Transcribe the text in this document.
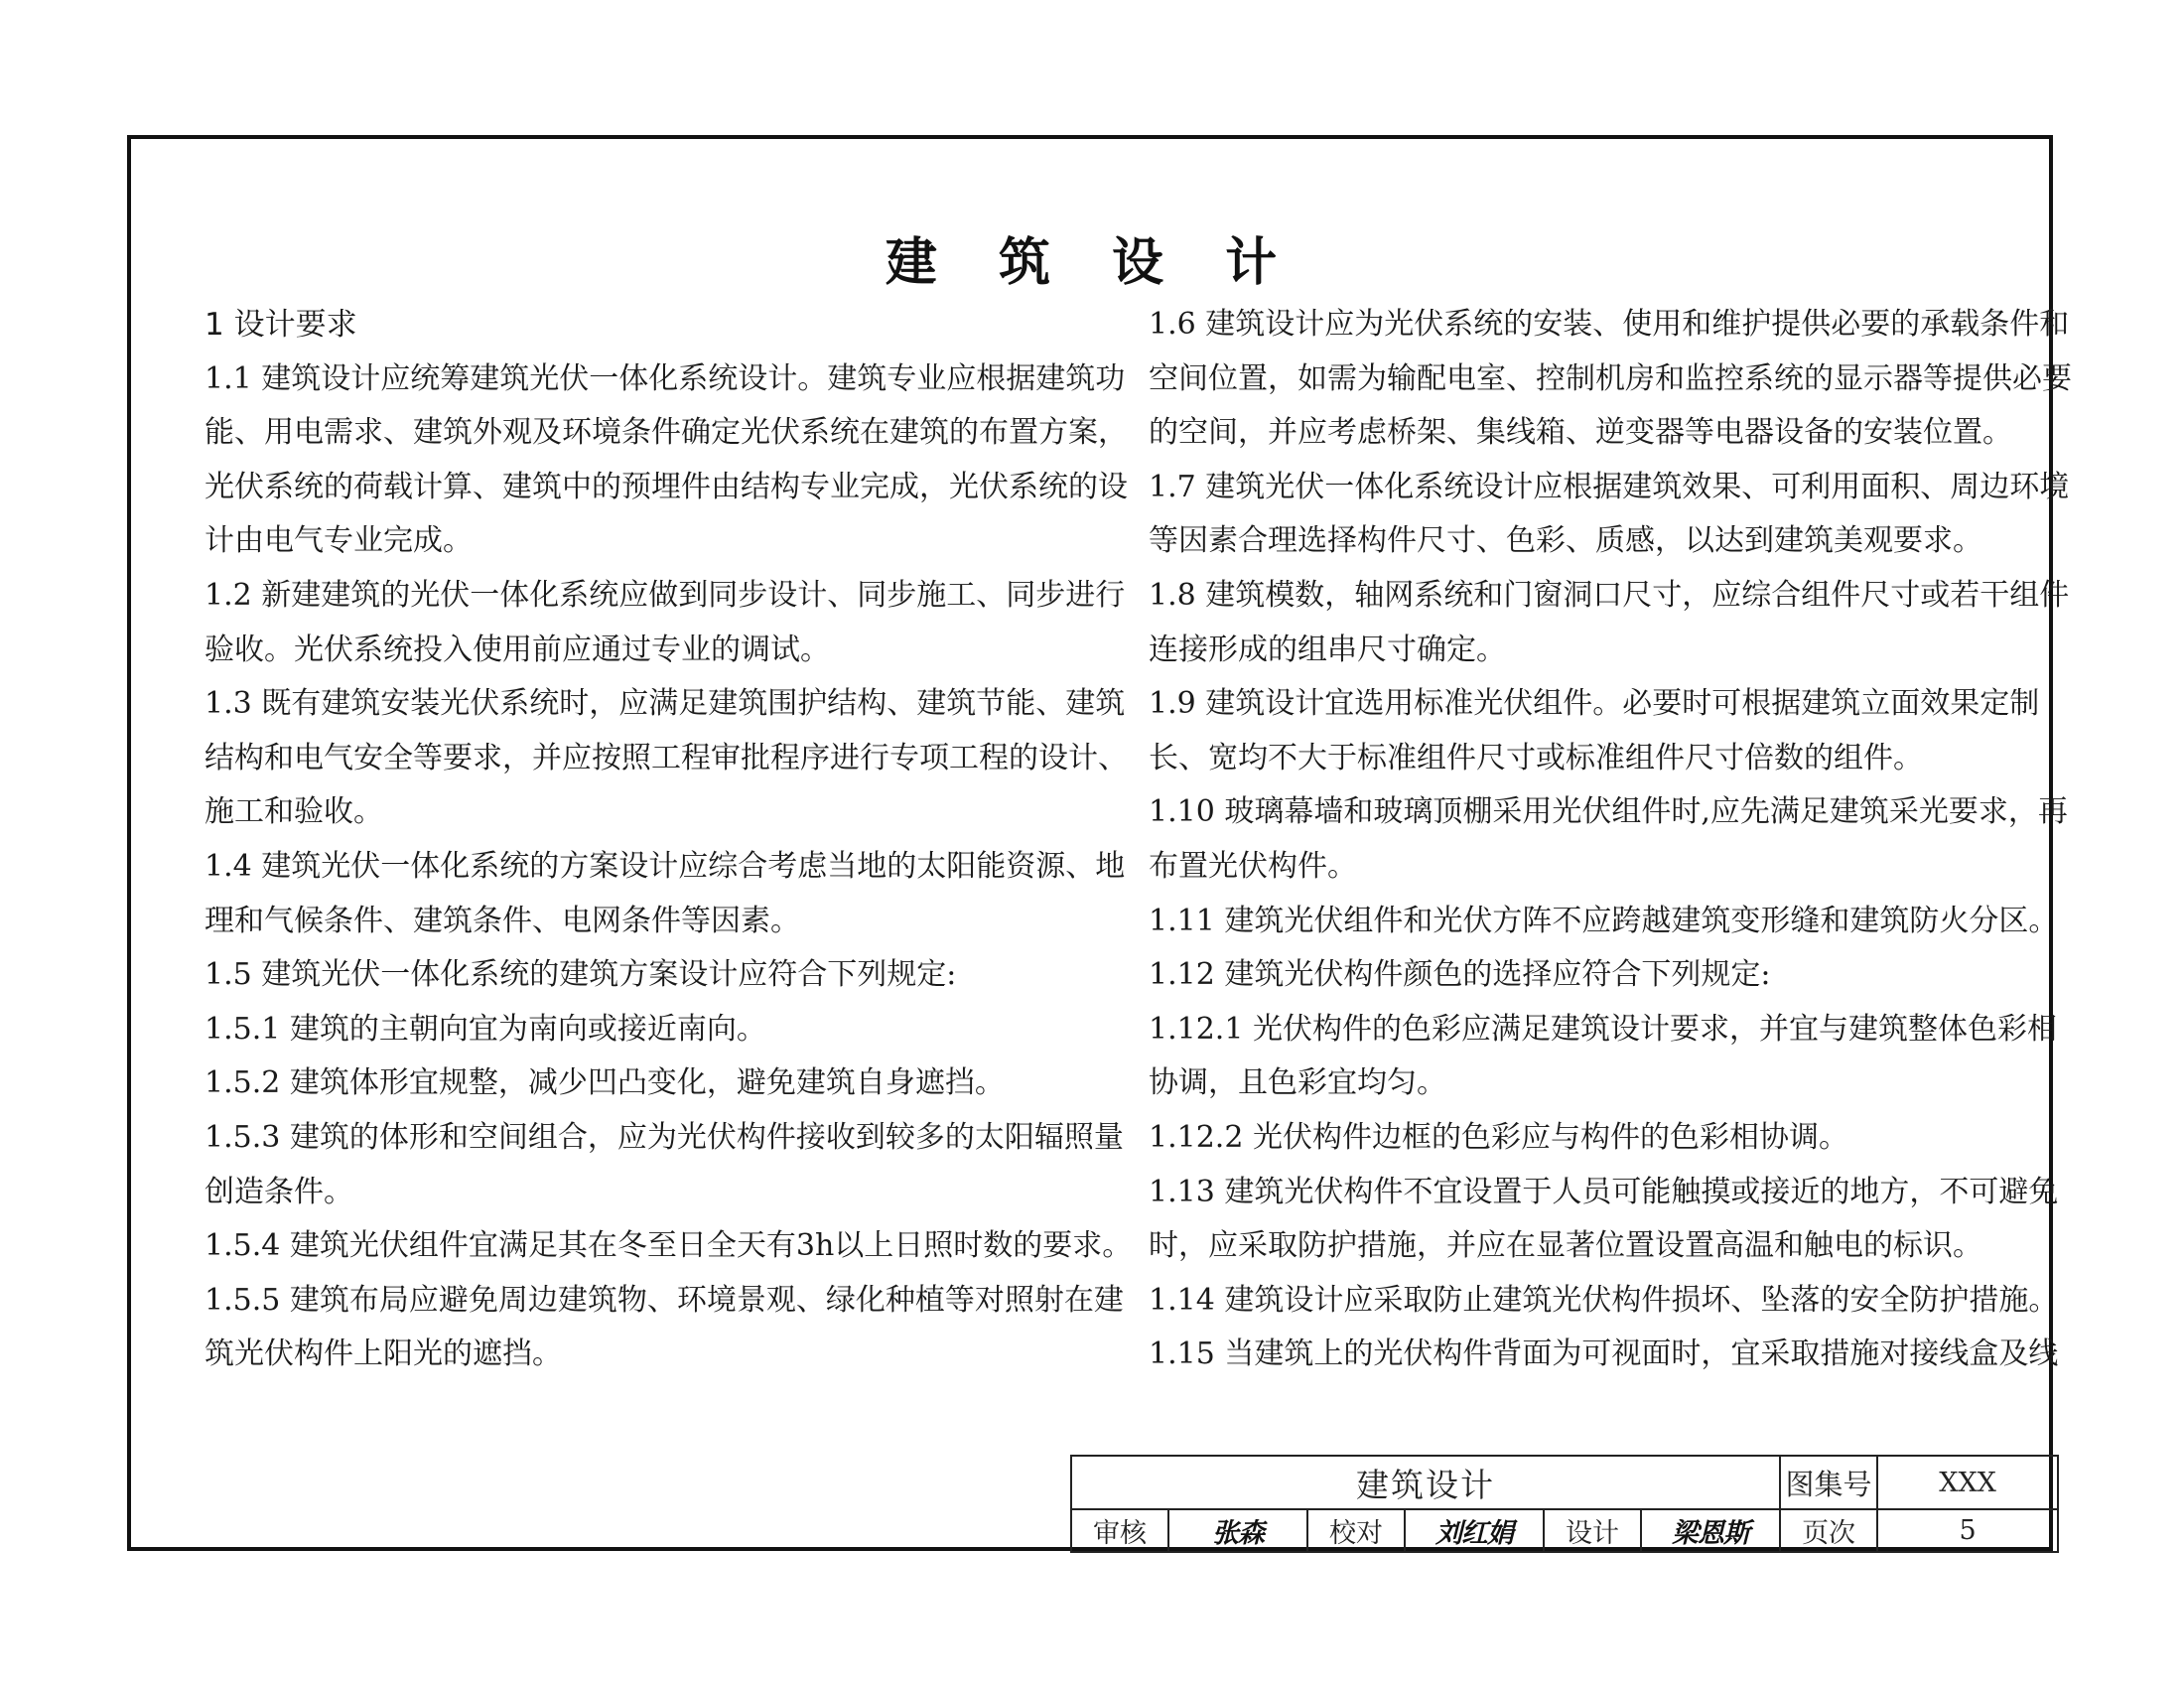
建 筑 设 计

1 设计要求

1.1 建筑设计应统筹建筑光伏一体化系统设计。建筑专业应根据建筑功

能、用电需求、建筑外观及环境条件确定光伏系统在建筑的布置方案，

光伏系统的荷载计算、建筑中的预埋件由结构专业完成，光伏系统的设

计由电气专业完成。

1.2 新建建筑的光伏一体化系统应做到同步设计、同步施工、同步进行

验收。光伏系统投入使用前应通过专业的调试。

1.3 既有建筑安装光伏系统时，应满足建筑围护结构、建筑节能、建筑

结构和电气安全等要求，并应按照工程审批程序进行专项工程的设计、

施工和验收。

1.4 建筑光伏一体化系统的方案设计应综合考虑当地的太阳能资源、地

理和气候条件、建筑条件、电网条件等因素。

1.5 建筑光伏一体化系统的建筑方案设计应符合下列规定:

1.5.1 建筑的主朝向宜为南向或接近南向。

1.5.2 建筑体形宜规整，减少凹凸变化，避免建筑自身遮挡。

1.5.3 建筑的体形和空间组合，应为光伏构件接收到较多的太阳辐照量

创造条件。

1.5.4 建筑光伏组件宜满足其在冬至日全天有3h以上日照时数的要求。

1.5.5 建筑布局应避免周边建筑物、环境景观、绿化种植等对照射在建

筑光伏构件上阳光的遮挡。

1.6 建筑设计应为光伏系统的安装、使用和维护提供必要的承载条件和

空间位置，如需为输配电室、控制机房和监控系统的显示器等提供必要

的空间，并应考虑桥架、集线箱、逆变器等电器设备的安装位置。

1.7 建筑光伏一体化系统设计应根据建筑效果、可利用面积、周边环境

等因素合理选择构件尺寸、色彩、质感，以达到建筑美观要求。

1.8 建筑模数，轴网系统和门窗洞口尺寸，应综合组件尺寸或若干组件

连接形成的组串尺寸确定。

1.9 建筑设计宜选用标准光伏组件。必要时可根据建筑立面效果定制

长、宽均不大于标准组件尺寸或标准组件尺寸倍数的组件。

1.10 玻璃幕墙和玻璃顶棚采用光伏组件时,应先满足建筑采光要求，再

布置光伏构件。

1.11 建筑光伏组件和光伏方阵不应跨越建筑变形缝和建筑防火分区。

1.12 建筑光伏构件颜色的选择应符合下列规定:

1.12.1 光伏构件的色彩应满足建筑设计要求，并宜与建筑整体色彩相

协调，且色彩宜均匀。

1.12.2 光伏构件边框的色彩应与构件的色彩相协调。

1.13 建筑光伏构件不宜设置于人员可能触摸或接近的地方，不可避免

时，应采取防护措施，并应在显著位置设置高温和触电的标识。

1.14 建筑设计应采取防止建筑光伏构件损坏、坠落的安全防护措施。

1.15 当建筑上的光伏构件背面为可视面时，宜采取措施对接线盒及线

建筑设计						图集号	XXX
审核	张森	校对	刘红娟	设计	梁恩斯	页次	5
